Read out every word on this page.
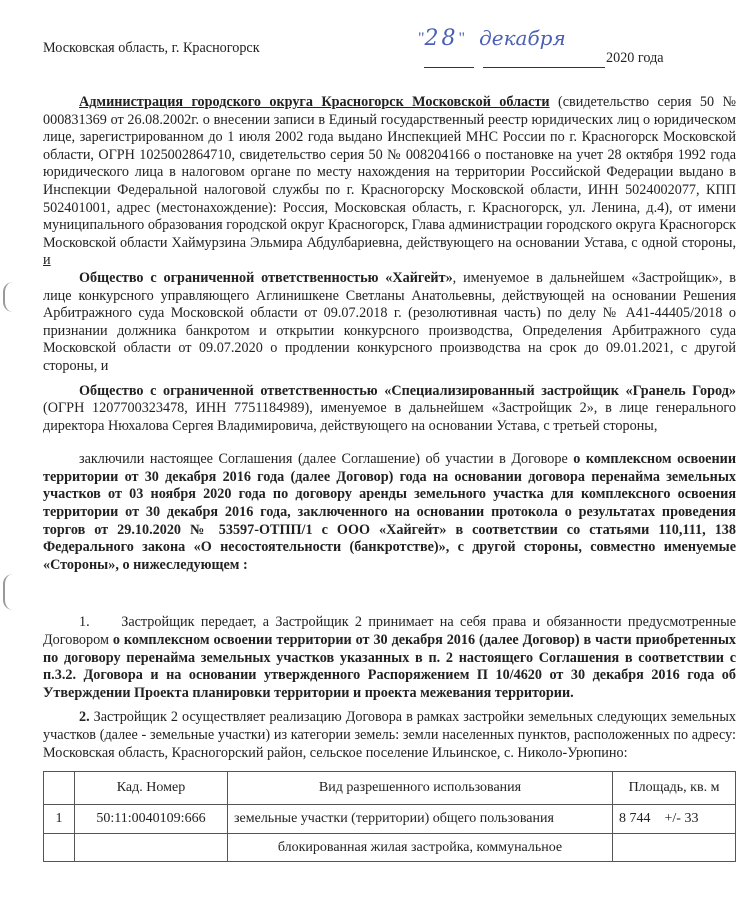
Московская область, г. Красногорск
"28" декабря
2020 года

Администрация городского округа Красногорск Московской области (свидетельство серия 50 № 000831369 от 26.08.2002г. о внесении записи в Единый государственный реестр юридических лиц о юридическом лице, зарегистрированном до 1 июля 2002 года выдано Инспекцией МНС России по г. Красногорск Московской области, ОГРН 1025002864710, свидетельство серия 50 № 008204166 о постановке на учет 28 октября 1992 года юридического лица в налоговом органе по месту нахождения на территории Российской Федерации выдано в Инспекции Федеральной налоговой службы по г. Красногорску Московской области, ИНН 5024002077, КПП 502401001, адрес (местонахождение): Россия, Московская область, г. Красногорск, ул. Ленина, д.4), от имени муниципального образования городской округ Красногорск, Глава администрации городского округа Красногорск Московской области Хаймурзина Эльмира Абдулбариевна, действующего на основании Устава, с одной стороны, и

Общество с ограниченной ответственностью «Хайгейт», именуемое в дальнейшем «Застройщик», в лице конкурсного управляющего Аглинишкене Светланы Анатольевны, действующей на основании Решения Арбитражного суда Московской области от 09.07.2018 г. (резолютивная часть) по делу № А41-44405/2018 о признании должника банкротом и открытии конкурсного производства, Определения Арбитражного суда Московской области от 09.07.2020 о продлении конкурсного производства на срок до 09.01.2021, с другой стороны, и

Общество с ограниченной ответственностью «Специализированный застройщик «Грaнель Город» (ОГРН 1207700323478, ИНН 7751184989), именуемое в дальнейшем «Застройщик 2», в лице генерального директора Нюхалова Сергея Владимировича, действующего на основании Устава, с третьей стороны,

заключили настоящее Соглашения (далее Соглашение) об участии в Договоре о комплексном освоении территории от 30 декабря 2016 года (далее Договор) года на основании договора перенайма земельных участков от 03 ноября 2020 года по договору аренды земельного участка для комплексного освоения территории от 30 декабря 2016 года, заключенного на основании протокола о результатах проведения торгов от 29.10.2020 № 53597-ОТПП/1 с ООО «Хайгейт» в соответствии со статьями 110,111, 138 Федерального закона «О несостоятельности (банкротстве)», с другой стороны, совместно именуемые «Стороны», о нижеследующем :

1. Застройщик передает, а Застройщик 2 принимает на себя права и обязанности предусмотренные Договором о комплексном освоении территории от 30 декабря 2016 (далее Договор) в части приобретенных по договору перенайма земельных участков указанных в п. 2 настоящего Соглашения в соответствии с п.3.2. Договора и на основании утвержденного Распоряжением П 10/4620 от 30 декабря 2016 года об Утверждении Проекта планировки территории и проекта межевания территории.

2. Застройщик 2 осуществляет реализацию Договора в рамках застройки земельных следующих земельных участков (далее - земельные участки) из категории земель: земли населенных пунктов, расположенных по адресу: Московская область, Красногорский район, сельское поселение Ильинское, с. Николо-Урюпино:

	Кад. Номер	Вид разрешенного использования	Площадь, кв. м
1	50:11:0040109:666	земельные участки (территории) общего пользования	8 744 +/- 33
		блокированная жилая застройка, коммунальное	
